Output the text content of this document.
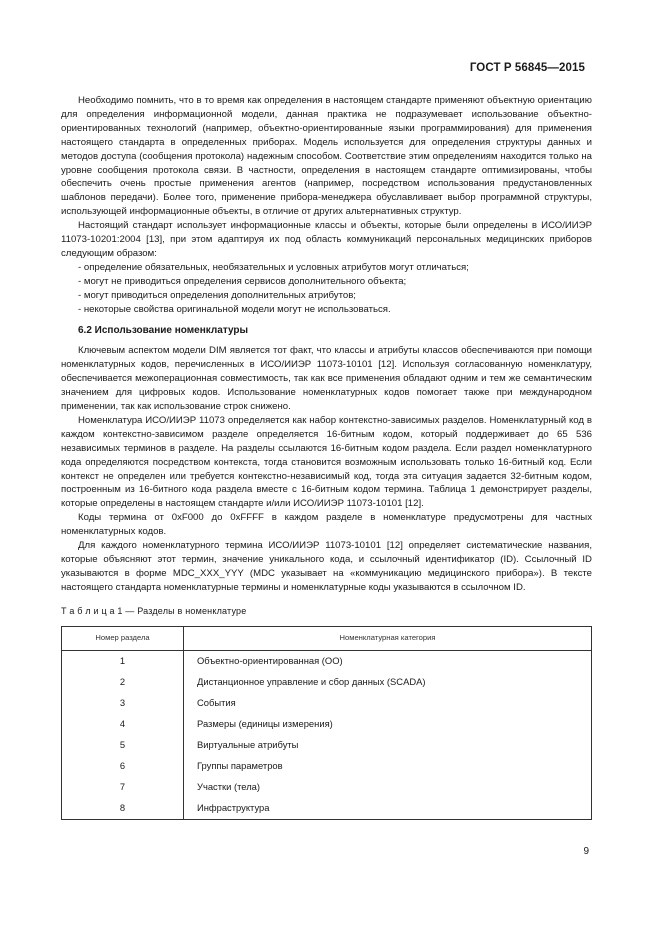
ГОСТ Р 56845—2015

Необходимо помнить, что в то время как определения в настоящем стандарте применяют объектную ориентацию для определения информационной модели, данная практика не подразумевает использование объектно-ориентированных технологий (например, объектно-ориентированные языки программирования) для применения настоящего стандарта в определенных приборах. Модель используется для определения структуры данных и методов доступа (сообщения протокола) надежным способом. Соответствие этим определениям находится только на уровне сообщения протокола связи. В частности, определения в настоящем стандарте оптимизированы, чтобы обеспечить очень простые применения агентов (например, посредством использования предустановленных шаблонов передачи). Более того, применение прибора-менеджера обуславливает выбор программной структуры, использующей информационные объекты, в отличие от других альтернативных структур.

Настоящий стандарт использует информационные классы и объекты, которые были определены в ИСО/ИИЭР 11073-10201:2004 [13], при этом адаптируя их под область коммуникаций персональных медицинских приборов следующим образом:

- определение обязательных, необязательных и условных атрибутов могут отличаться;
- могут не приводиться определения сервисов дополнительного объекта;
- могут приводиться определения дополнительных атрибутов;
- некоторые свойства оригинальной модели могут не использоваться.
6.2 Использование номенклатуры

Ключевым аспектом модели DIM является тот факт, что классы и атрибуты классов обеспечиваются при помощи номенклатурных кодов, перечисленных в ИСО/ИИЭР 11073-10101 [12]. Используя согласованную номенклатуру, обеспечивается межоперационная совместимость, так как все применения обладают одним и тем же семантическим значением для цифровых кодов. Использование номенклатурных кодов помогает также при международном применении, так как использование строк снижено.

Номенклатура ИСО/ИИЭР 11073 определяется как набор контекстно-зависимых разделов. Номенклатурный код в каждом контекстно-зависимом разделе определяется 16-битным кодом, который поддерживает до 65 536 независимых терминов в разделе. На разделы ссылаются 16-битным кодом раздела. Если раздел номенклатурного кода определяются посредством контекста, тогда становится возможным использовать только 16-битный код. Если контекст не определен или требуется контекстно-независимый код, тогда эта ситуация задается 32-битным кодом, построенным из 16-битного кода раздела вместе с 16-битным кодом термина. Таблица 1 демонстрирует разделы, которые определены в настоящем стандарте и/или ИСО/ИИЭР 11073-10101 [12].

Коды термина от 0xF000 до 0xFFFF в каждом разделе в номенклатуре предусмотрены для частных номенклатурных кодов.

Для каждого номенклатурного термина ИСО/ИИЭР 11073-10101 [12] определяет систематические названия, которые объясняют этот термин, значение уникального кода, и ссылочный идентификатор (ID). Ссылочный ID указываются в форме MDC_XXX_YYY (MDC указывает на «коммуникацию медицинского прибора»). В тексте настоящего стандарта номенклатурные термины и номенклатурные коды указываются в ссылочном ID.

Т а б л и ц а 1 — Разделы в номенклатуре
Номер раздела	Номенклатурная категория
1	Объектно-ориентированная (ОО)
2	Дистанционное управление и сбор данных (SCADA)
3	События
4	Размеры (единицы измерения)
5	Виртуальные атрибуты
6	Группы параметров
7	Участки (тела)
8	Инфраструктура
9
